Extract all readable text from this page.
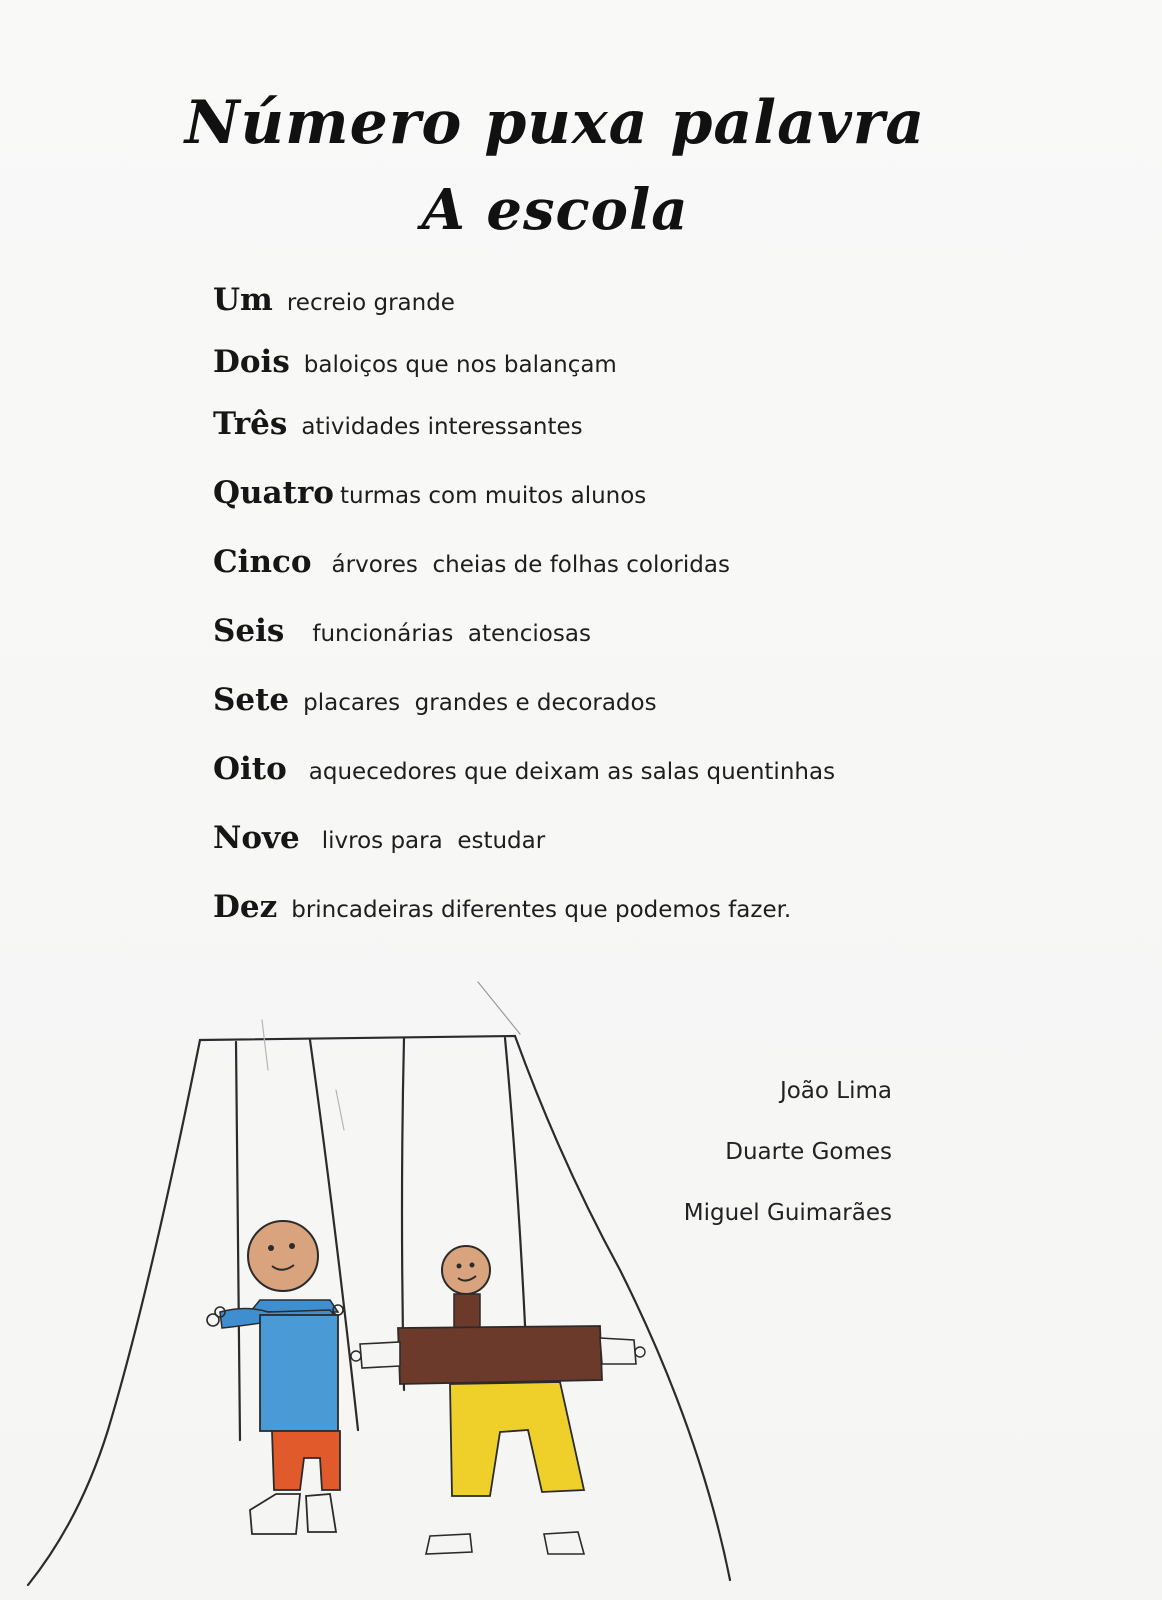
Número puxa palavra
A escola
Um recreio grande
Dois baloiços que nos balançam
Três atividades interessantes
Quatro turmas com muitos alunos
Cinco árvores  cheias de folhas coloridas
Seis funcionárias  atenciosas
Sete placares  grandes e decorados
Oito aquecedores que deixam as salas quentinhas
Nove livros para  estudar
Dez brincadeiras diferentes que podemos fazer.
João Lima
Duarte Gomes
Miguel Guimarães
